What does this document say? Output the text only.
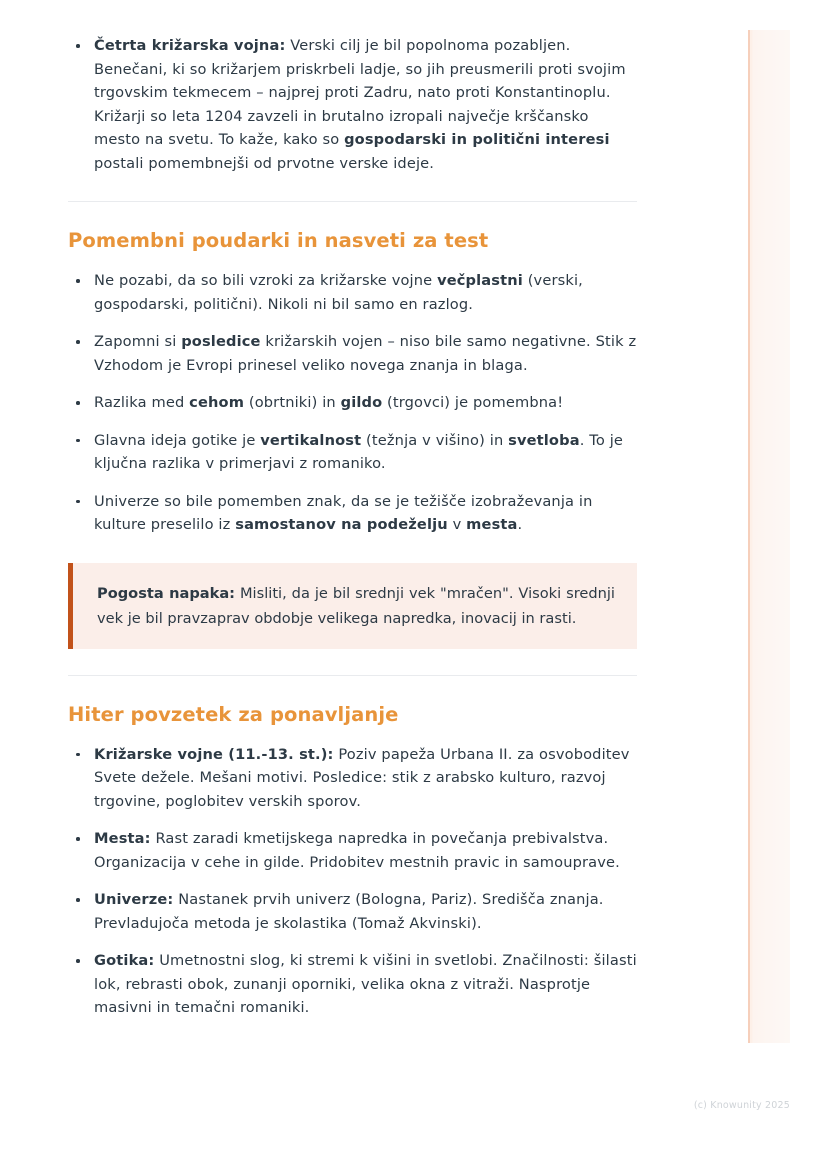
Četrta križarska vojna: Verski cilj je bil popolnoma pozabljen. Benečani, ki so križarjem priskrbeli ladje, so jih preusmerili proti svojim trgovskim tekmecem – najprej proti Zadru, nato proti Konstantinoplu. Križarji so leta 1204 zavzeli in brutalno izropali največje krščansko mesto na svetu. To kaže, kako so gospodarski in politični interesi postali pomembnejši od prvotne verske ideje.
Pomembni poudarki in nasveti za test
Ne pozabi, da so bili vzroki za križarske vojne večplastni (verski, gospodarski, politični). Nikoli ni bil samo en razlog.
Zapomni si posledice križarskih vojen – niso bile samo negativne. Stik z Vzhodom je Evropi prinesel veliko novega znanja in blaga.
Razlika med cehom (obrtniki) in gildo (trgovci) je pomembna!
Glavna ideja gotike je vertikalnost (težnja v višino) in svetloba. To je ključna razlika v primerjavi z romaniko.
Univerze so bile pomemben znak, da se je težišče izobraževanja in kulture preselilo iz samostanov na podeželju v mesta.

Pogosta napaka: Misliti, da je bil srednji vek "mračen". Visoki srednji vek je bil pravzaprav obdobje velikega napredka, inovacij in rasti.

Hiter povzetek za ponavljanje
Križarske vojne (11.-13. st.): Poziv papeža Urbana II. za osvoboditev Svete dežele. Mešani motivi. Posledice: stik z arabsko kulturo, razvoj trgovine, poglobitev verskih sporov.
Mesta: Rast zaradi kmetijskega napredka in povečanja prebivalstva. Organizacija v cehe in gilde. Pridobitev mestnih pravic in samouprave.
Univerze: Nastanek prvih univerz (Bologna, Pariz). Središča znanja. Prevladujoča metoda je skolastika (Tomaž Akvinski).
Gotika: Umetnostni slog, ki stremi k višini in svetlobi. Značilnosti: šilasti lok, rebrasti obok, zunanji oporniki, velika okna z vitraži. Nasprotje masivni in temačni romaniki.
(c) Knowunity 2025
